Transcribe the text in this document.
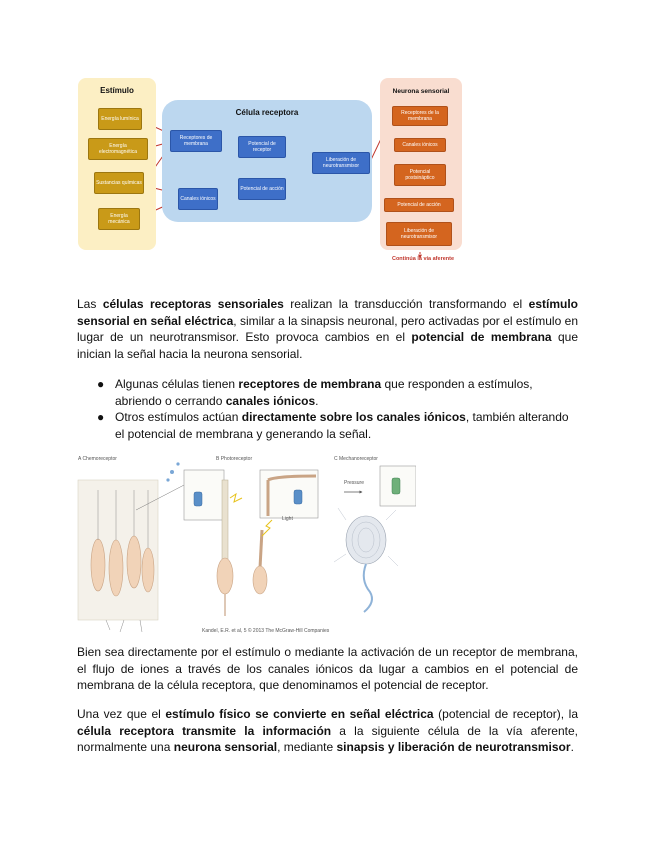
Estímulo
Célula receptora
Neurona sensorial
Energía lumínica
Energía electromagnética
Sustancias químicas
Energía mecánica
Receptores de membrana
Canales iónicos
Potencial de receptor
Potencial de acción
Liberación de neurotransmisor
Receptores de la membrana
Canales iónicos
Potencial postsináptico
Potencial de acción
Liberación de neurotransmisor
Continúa la vía aferente
Las células receptoras sensoriales realizan la transducción transformando el estímulo sensorial en señal eléctrica, similar a la sinapsis neuronal, pero activadas por el estímulo en lugar de un neurotransmisor. Esto provoca cambios en el potencial de membrana que inician la señal hacia la neurona sensorial.
● Algunas células tienen receptores de membrana que responden a estímulos, abriendo o cerrando canales iónicos.
● Otros estímulos actúan directamente sobre los canales iónicos, también alterando el potencial de membrana y generando la señal.
A Chemoreceptor	B Photoreceptor	C Mechanoreceptor
Pressure
Light
Kandel, E.R. et al, 5 © 2013 The McGraw-Hill Companies
Bien sea directamente por el estímulo o mediante la activación de un receptor de membrana, el flujo de iones a través de los canales iónicos da lugar a cambios en el potencial de membrana de la célula receptora, que denominamos el potencial de receptor.
Una vez que el estímulo físico se convierte en señal eléctrica (potencial de receptor), la célula receptora transmite la información a la siguiente célula de la vía aferente, normalmente una neurona sensorial, mediante sinapsis y liberación de neurotransmisor.
